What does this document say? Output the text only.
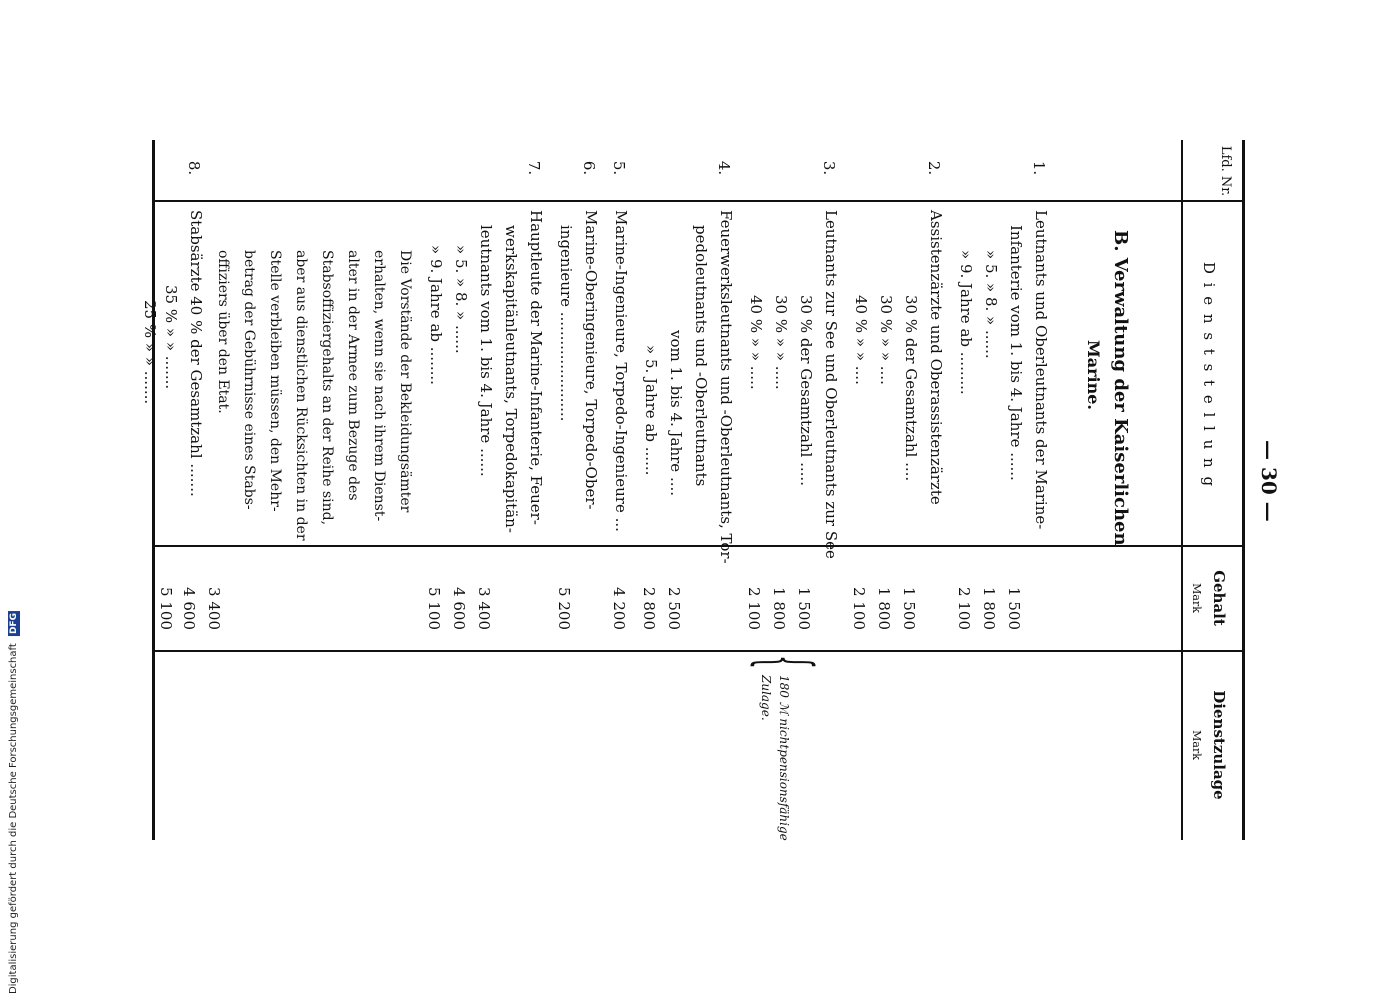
— 30 —
Lfd. Nr.
D i e n s t s t e l l u n g
Gehalt
Mark
Dienstzulage
Mark
B. Verwaltung der Kaiserlichen
Marine.
1.
Leutnants und Oberleutnants der Marine-
Infanterie vom 1. bis 4. Jahre ......
» 5. » 8. » ......
» 9. Jahre ab .........
1 500
1 800
2 100
2.
Assistenzärzte und Oberassistenzärzte
30 % der Gesamtzahl ....
30 % » » ....
40 % » » ....
1 500
1 800
2 100
3.
Leutnants zur See und Oberleutnants zur See
30 % der Gesamtzahl .....
30 % » » .....
40 % » » .....
1 500
1 800
2 100
{
180 ℳ nichtpensionsfähige
Zulage.
4.
Feuerwerksleutnants und -Oberleutnants, Tor-
pedoleutnants und -Oberleutnants
vom 1. bis 4. Jahre ....
» 5. Jahre ab ......
2 500
2 800
5.
Marine-Ingenieure, Torpedo-Ingenieure ...
4 200
6.
Marine-Oberingenieure, Torpedo-Ober-
ingenieure .......................
5 200
7.
Hauptleute der Marine-Infanterie, Feuer-
werkskapitänleutnants, Torpedokapitän-
leutnants vom 1. bis 4. Jahre ......
» 5. » 8. » ......
» 9. Jahre ab ........
3 400
4 600
5 100
Die Vorstände der Bekleidungsämter
erhalten, wenn sie nach ihrem Dienst-
alter in der Armee zum Bezuge des
Stabsoffiziergehalts an der Reihe sind,
aber aus dienstlichen Rücksichten in der
Stelle verbleiben müssen, den Mehr-
betrag der Gebührnisse eines Stabs-
offiziers über den Etat.
8.
Stabsärzte 40 % der Gesamtzahl .......
35 % » » .......
25 % » » .......
3 400
4 600
5 100
Digitalisierung gefördert durch die Deutsche Forschungsgemeinschaft DFG
